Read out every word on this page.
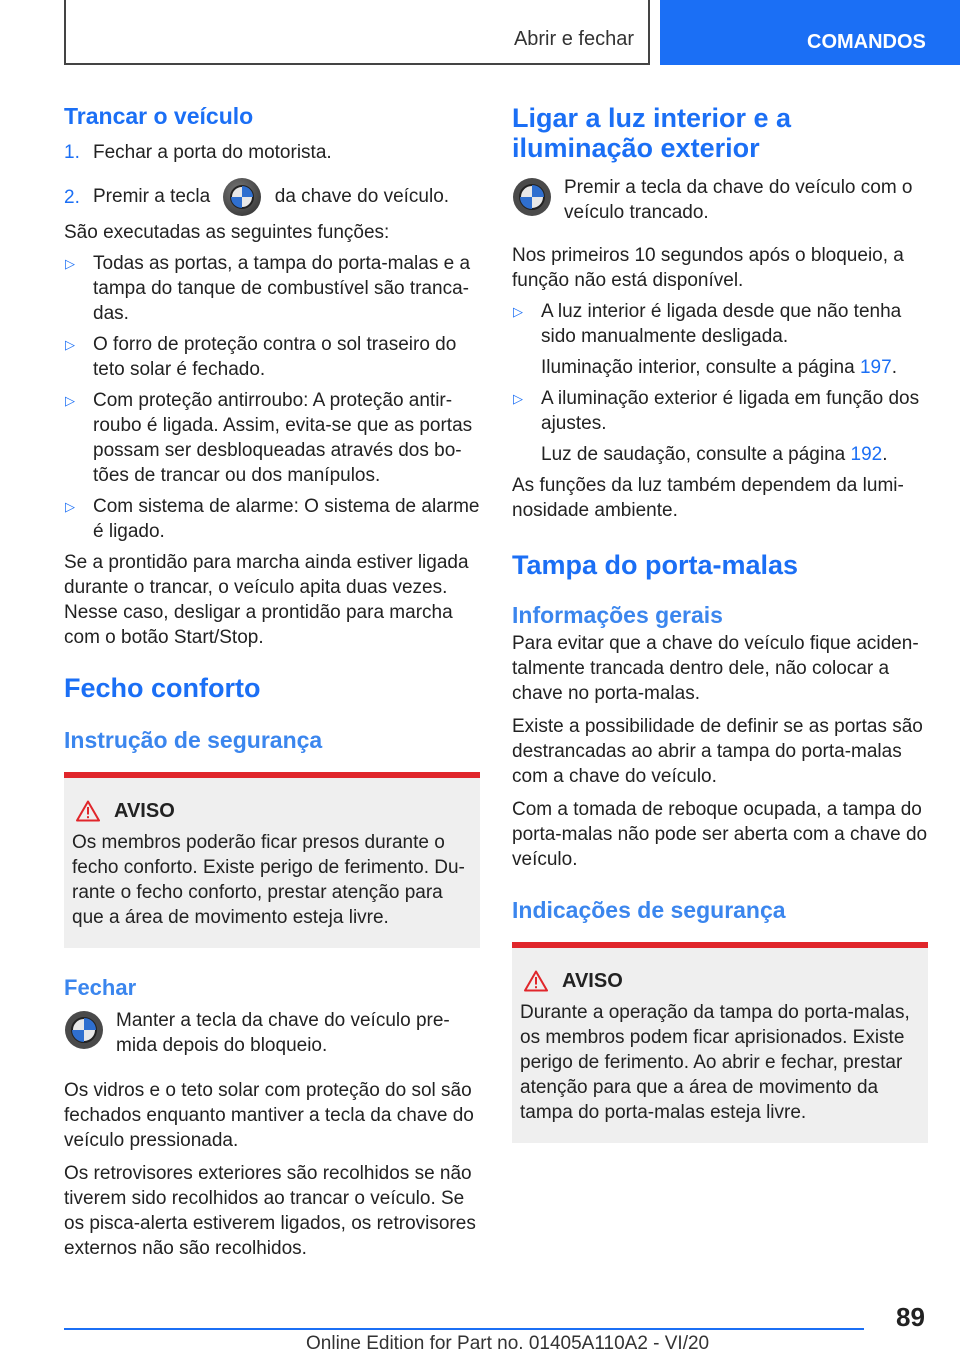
Abrir e fechar	COMANDOS
Trancar o veículo
1. Fechar a porta do motorista.
2. Premir a tecla	da chave do veículo.

São executadas as seguintes funções:

▷ Todas as portas, a tampa do porta-malas e a tampa do tanque de combustível são tranca-das.
▷ O forro de proteção contra o sol traseiro do teto solar é fechado.
▷ Com proteção antirroubo: A proteção antir-roubo é ligada. Assim, evita-se que as portas possam ser desbloqueadas através dos bo-tões de trancar ou dos manípulos.
▷ Com sistema de alarme: O sistema de alarme é ligado.

Se a prontidão para marcha ainda estiver ligada durante o trancar, o veículo apita duas vezes. Nesse caso, desligar a prontidão para marcha com o botão Start/Stop.

Fecho conforto
Instrução de segurança
AVISO

Os membros poderão ficar presos durante o fecho conforto. Existe perigo de ferimento. Du-rante o fecho conforto, prestar atenção para que a área de movimento esteja livre.

Fechar

Manter a tecla da chave do veículo pre-mida depois do bloqueio.

Os vidros e o teto solar com proteção do sol são fechados enquanto mantiver a tecla da chave do veículo pressionada.

Os retrovisores exteriores são recolhidos se não tiverem sido recolhidos ao trancar o veículo. Se os pisca-alerta estiverem ligados, os retrovisores externos não são recolhidos.

Ligar a luz interior e a iluminação exterior

Premir a tecla da chave do veículo com o veículo trancado.

Nos primeiros 10 segundos após o bloqueio, a função não está disponível.

▷ A luz interior é ligada desde que não tenha sido manualmente desligada.
Iluminação interior, consulte a página 197.
▷ A iluminação exterior é ligada em função dos ajustes.
Luz de saudação, consulte a página 192.

As funções da luz também dependem da lumi-nosidade ambiente.

Tampa do porta-malas
Informações gerais

Para evitar que a chave do veículo fique aciden-talmente trancada dentro dele, não colocar a chave no porta-malas.

Existe a possibilidade de definir se as portas são destrancadas ao abrir a tampa do porta-malas com a chave do veículo.

Com a tomada de reboque ocupada, a tampa do porta-malas não pode ser aberta com a chave do veículo.

Indicações de segurança
AVISO

Durante a operação da tampa do porta-malas, os membros podem ficar aprisionados. Existe perigo de ferimento. Ao abrir e fechar, prestar atenção para que a área de movimento da tampa do porta-malas esteja livre.

89
Online Edition for Part no. 01405A110A2 - VI/20
